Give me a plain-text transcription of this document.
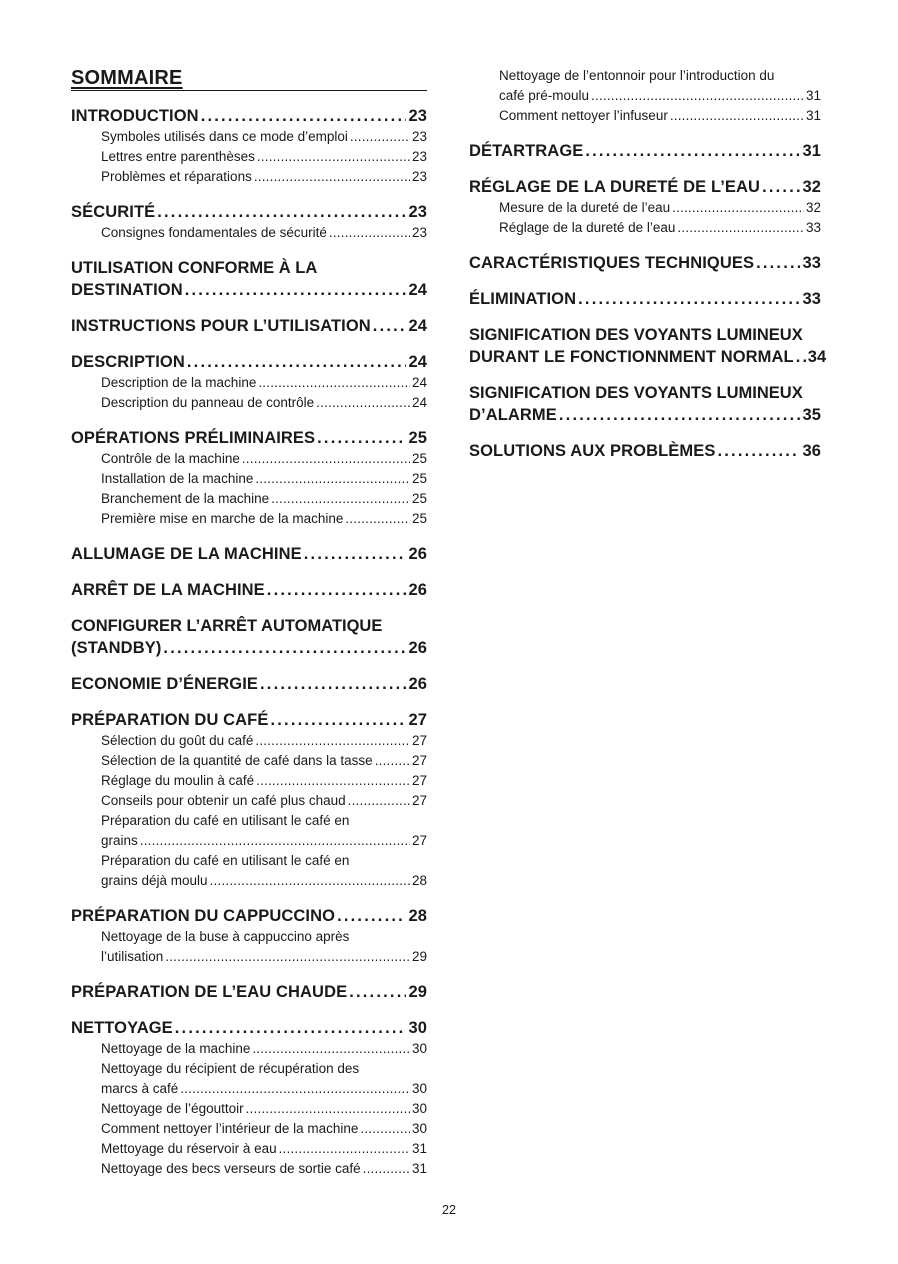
SOMMAIRE
INTRODUCTION .....	23
Symboles utilisés dans ce mode d’emploi .....	23
Lettres entre parenthèses .....	23
Problèmes et réparations .....	23
SÉCURITÉ .....	23
Consignes fondamentales de sécurité .....	23
UTILISATION CONFORME À LA
DESTINATION .....	24
INSTRUCTIONS POUR L’UTILISATION ..... 24
DESCRIPTION .....	24
Description de la machine .....	24
Description du panneau de contrôle .....	24
OPÉRATIONS PRÉLIMINAIRES .....	25
Contrôle de la machine .....	25
Installation de la machine .....	25
Branchement de la machine .....	25
Première mise en marche de la machine .....	25
ALLUMAGE DE LA MACHINE .....	26
ARRÊT DE LA MACHINE .....	26
CONFIGURER L’ARRÊT AUTOMATIQUE
(STANDBY) .....	26
ECONOMIE D’ÉNERGIE .....	26
PRÉPARATION DU CAFÉ .....	27
Sélection du goût du café .....	27
Sélection de la quantité de café dans la tasse .....	27
Réglage du moulin à café .....	27
Conseils pour obtenir un café plus chaud .....	27
Préparation du café en utilisant le café en
grains .....	27
Préparation du café en utilisant le café en
grains déjà moulu .....	28
PRÉPARATION DU CAPPUCCINO .....	28
Nettoyage de la buse à cappuccino après
l’utilisation .....	29
PRÉPARATION DE L’EAU CHAUDE .....	29
NETTOYAGE .....	30
Nettoyage de la machine .....	30
Nettoyage du récipient de récupération des
marcs à café .....	30
Nettoyage de l’égouttoir .....	30
Comment nettoyer l’intérieur de la machine .....	30
Mettoyage du réservoir à eau .....	31
Nettoyage des becs verseurs de sortie café .....	31
Nettoyage de l’entonnoir pour l’introduction du
café pré-moulu .....	31
Comment nettoyer l’infuseur .....	31
DÉTARTRAGE .....	31
RÉGLAGE DE LA DURETÉ DE L’EAU .....	32
Mesure de la dureté de l’eau .....	32
Réglage de la dureté de l’eau .....	33
CARACTÉRISTIQUES TECHNIQUES .....	33
ÉLIMINATION .....	33
SIGNIFICATION DES VOYANTS LUMINEUX
DURANT LE FONCTIONNMENT NORMAL ..... 34
SIGNIFICATION DES VOYANTS LUMINEUX
D’ALARME .....	35
SOLUTIONS AUX PROBLÈMES .....	36
22
